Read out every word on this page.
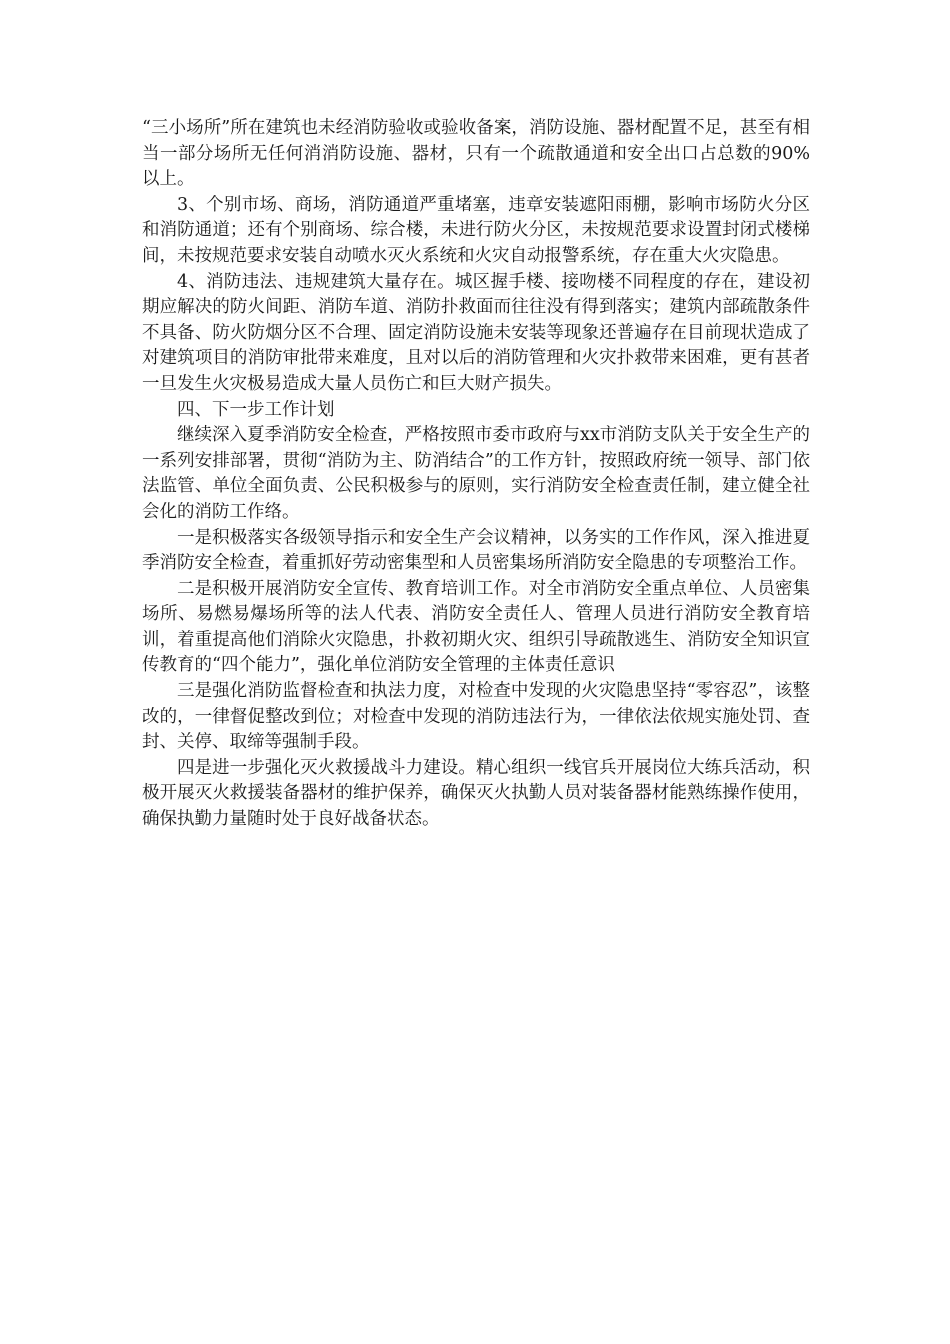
“三小场所”所在建筑也未经消防验收或验收备案，消防设施、器材配置不足，甚至有相当一部分场所无任何消消防设施、器材，只有一个疏散通道和安全出口占总数的90%以上。

3、个别市场、商场，消防通道严重堵塞，违章安装遮阳雨棚，影响市场防火分区和消防通道；还有个别商场、综合楼，未进行防火分区，未按规范要求设置封闭式楼梯间，未按规范要求安装自动喷水灭火系统和火灾自动报警系统，存在重大火灾隐患。

4、消防违法、违规建筑大量存在。城区握手楼、接吻楼不同程度的存在，建设初期应解决的防火间距、消防车道、消防扑救面而往往没有得到落实；建筑内部疏散条件不具备、防火防烟分区不合理、固定消防设施未安装等现象还普遍存在目前现状造成了对建筑项目的消防审批带来难度，且对以后的消防管理和火灾扑救带来困难，更有甚者一旦发生火灾极易造成大量人员伤亡和巨大财产损失。

四、下一步工作计划

继续深入夏季消防安全检查，严格按照市委市政府与xx市消防支队关于安全生产的一系列安排部署，贯彻“消防为主、防消结合”的工作方针，按照政府统一领导、部门依法监管、单位全面负责、公民积极参与的原则，实行消防安全检查责任制，建立健全社会化的消防工作络。

一是积极落实各级领导指示和安全生产会议精神，以务实的工作作风，深入推进夏季消防安全检查，着重抓好劳动密集型和人员密集场所消防安全隐患的专项整治工作。

二是积极开展消防安全宣传、教育培训工作。对全市消防安全重点单位、人员密集场所、易燃易爆场所等的法人代表、消防安全责任人、管理人员进行消防安全教育培训，着重提高他们消除火灾隐患，扑救初期火灾、组织引导疏散逃生、消防安全知识宣传教育的“四个能力”，强化单位消防安全管理的主体责任意识

三是强化消防监督检查和执法力度，对检查中发现的火灾隐患坚持“零容忍”，该整改的，一律督促整改到位；对检查中发现的消防违法行为，一律依法依规实施处罚、查封、关停、取缔等强制手段。

四是进一步强化灭火救援战斗力建设。精心组织一线官兵开展岗位大练兵活动，积极开展灭火救援装备器材的维护保养，确保灭火执勤人员对装备器材能熟练操作使用，确保执勤力量随时处于良好战备状态。
